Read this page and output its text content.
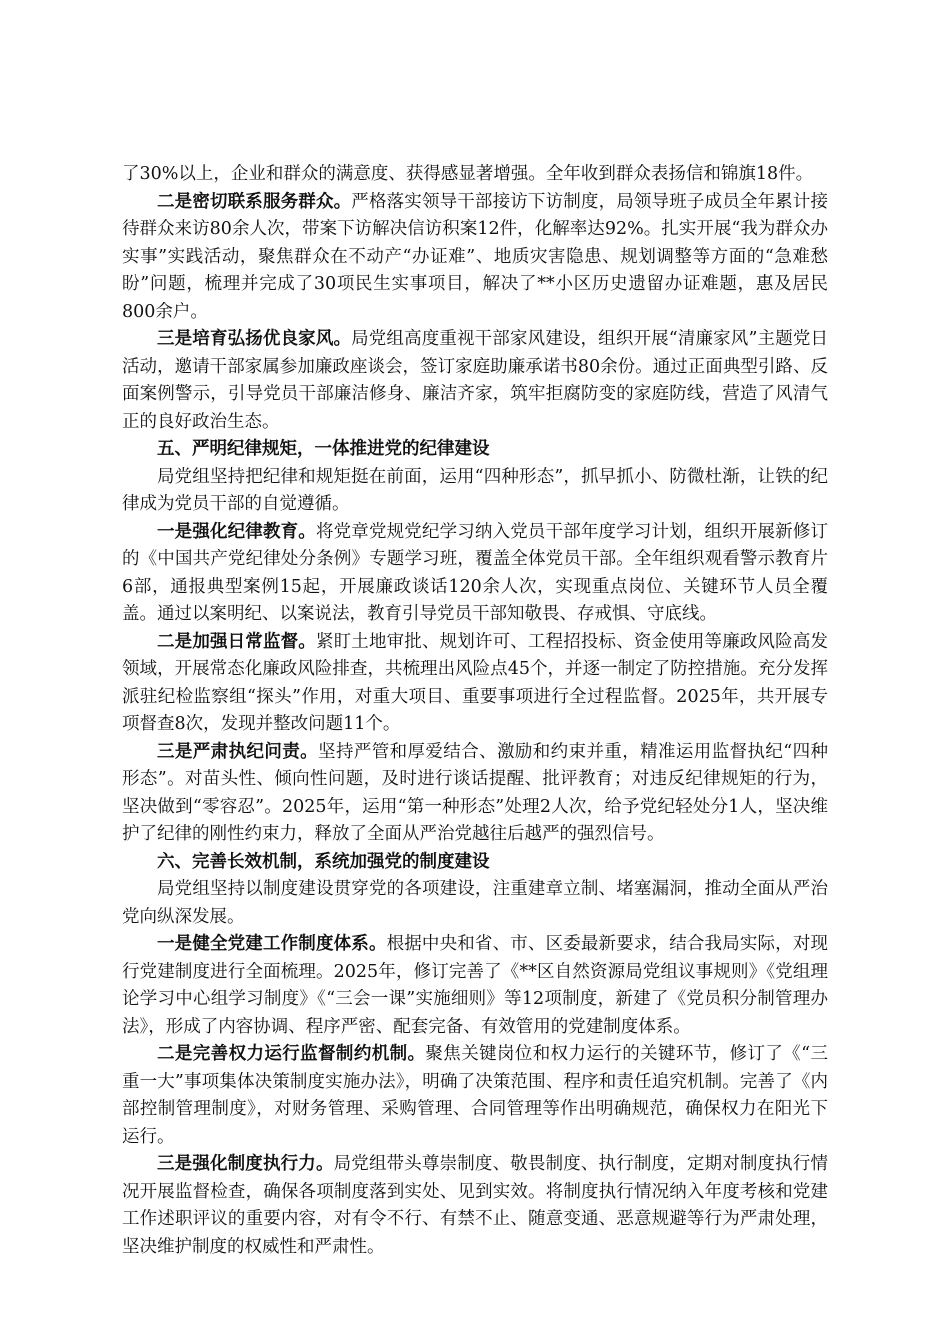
了30%以上，企业和群众的满意度、获得感显著增强。全年收到群众表扬信和锦旗18件。

二是密切联系服务群众。严格落实领导干部接访下访制度，局领导班子成员全年累计接待群众来访80余人次，带案下访解决信访积案12件，化解率达92%。扎实开展“我为群众办实事”实践活动，聚焦群众在不动产“办证难”、地质灾害隐患、规划调整等方面的“急难愁盼”问题，梳理并完成了30项民生实事项目，解决了**小区历史遗留办证难题，惠及居民800余户。

三是培育弘扬优良家风。局党组高度重视干部家风建设，组织开展“清廉家风”主题党日活动，邀请干部家属参加廉政座谈会，签订家庭助廉承诺书80余份。通过正面典型引路、反面案例警示，引导党员干部廉洁修身、廉洁齐家，筑牢拒腐防变的家庭防线，营造了风清气正的良好政治生态。

五、严明纪律规矩，一体推进党的纪律建设

局党组坚持把纪律和规矩挺在前面，运用“四种形态”，抓早抓小、防微杜渐，让铁的纪律成为党员干部的自觉遵循。

一是强化纪律教育。将党章党规党纪学习纳入党员干部年度学习计划，组织开展新修订的《中国共产党纪律处分条例》专题学习班，覆盖全体党员干部。全年组织观看警示教育片6部，通报典型案例15起，开展廉政谈话120余人次，实现重点岗位、关键环节人员全覆盖。通过以案明纪、以案说法，教育引导党员干部知敬畏、存戒惧、守底线。

二是加强日常监督。紧盯土地审批、规划许可、工程招投标、资金使用等廉政风险高发领域，开展常态化廉政风险排查，共梳理出风险点45个，并逐一制定了防控措施。充分发挥派驻纪检监察组“探头”作用，对重大项目、重要事项进行全过程监督。2025年，共开展专项督查8次，发现并整改问题11个。

三是严肃执纪问责。坚持严管和厚爱结合、激励和约束并重，精准运用监督执纪“四种形态”。对苗头性、倾向性问题，及时进行谈话提醒、批评教育；对违反纪律规矩的行为，坚决做到“零容忍”。2025年，运用“第一种形态”处理2人次，给予党纪轻处分1人，坚决维护了纪律的刚性约束力，释放了全面从严治党越往后越严的强烈信号。

六、完善长效机制，系统加强党的制度建设

局党组坚持以制度建设贯穿党的各项建设，注重建章立制、堵塞漏洞，推动全面从严治党向纵深发展。

一是健全党建工作制度体系。根据中央和省、市、区委最新要求，结合我局实际，对现行党建制度进行全面梳理。2025年，修订完善了《**区自然资源局党组议事规则》《党组理论学习中心组学习制度》《“三会一课”实施细则》等12项制度，新建了《党员积分制管理办法》，形成了内容协调、程序严密、配套完备、有效管用的党建制度体系。

二是完善权力运行监督制约机制。聚焦关键岗位和权力运行的关键环节，修订了《“三重一大”事项集体决策制度实施办法》，明确了决策范围、程序和责任追究机制。完善了《内部控制管理制度》，对财务管理、采购管理、合同管理等作出明确规范，确保权力在阳光下运行。

三是强化制度执行力。局党组带头尊崇制度、敬畏制度、执行制度，定期对制度执行情况开展监督检查，确保各项制度落到实处、见到实效。将制度执行情况纳入年度考核和党建工作述职评议的重要内容，对有令不行、有禁不止、随意变通、恶意规避等行为严肃处理，坚决维护制度的权威性和严肃性。
